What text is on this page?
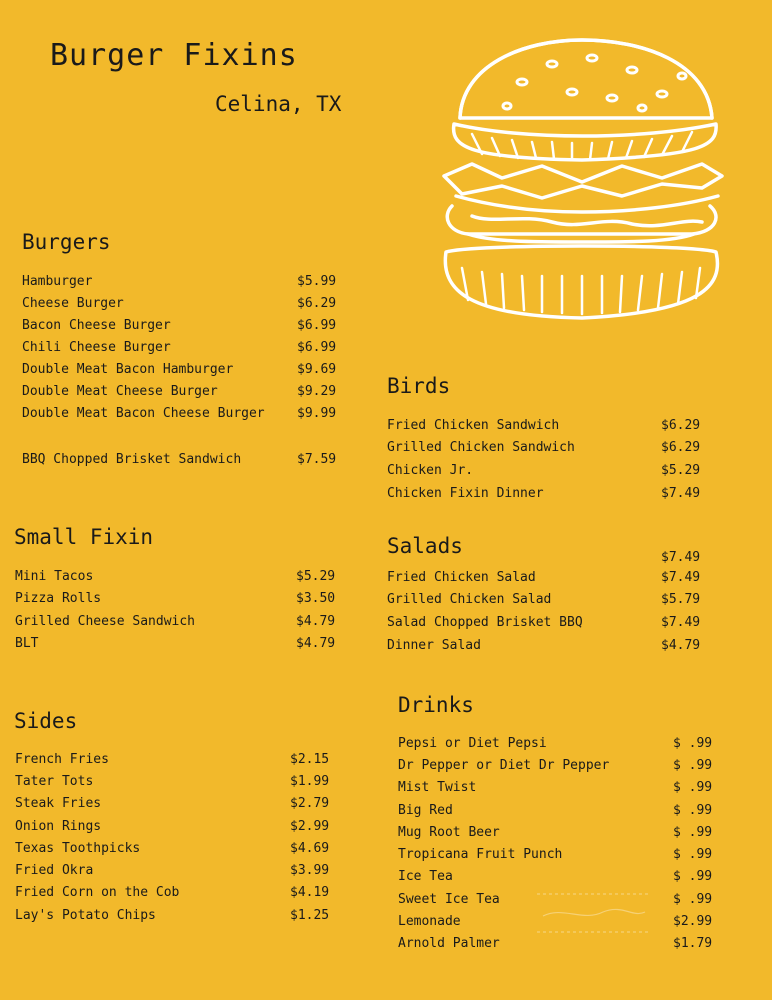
Burger Fixins
Celina, TX
Burgers
Hamburger	$5.99
Cheese Burger	$6.29
Bacon Cheese Burger	$6.99
Chili Cheese Burger	$6.99
Double Meat Bacon Hamburger	$9.69
Double Meat Cheese Burger	$9.29
Double Meat Bacon Cheese Burger $9.99
BBQ Chopped Brisket Sandwich	$7.59
Small Fixin
Mini Tacos	$5.29
Pizza Rolls	$3.50
Grilled Cheese Sandwich	$4.79
BLT	$4.79
Sides
French Fries	$2.15
Tater Tots	$1.99
Steak Fries	$2.79
Onion Rings	$2.99
Texas Toothpicks	$4.69
Fried Okra	$3.99
Fried Corn on the Cob	$4.19
Lay's Potato Chips	$1.25
Birds
Fried Chicken Sandwich	$6.29
Grilled Chicken Sandwich	$6.29
Chicken Jr.	$5.29
Chicken Fixin Dinner	$7.49
Salads	$7.49
Fried Chicken Salad	$7.49
Grilled Chicken Salad	$5.79
Salad Chopped Brisket BBQ	$7.49
Dinner Salad	$4.79
Drinks
Pepsi or Diet Pepsi	$ .99
Dr Pepper or Diet Dr Pepper	$ .99
Mist Twist	$ .99
Big Red	$ .99
Mug Root Beer	$ .99
Tropicana Fruit Punch	$ .99
Ice Tea	$ .99
Sweet Ice Tea	$ .99
Lemonade	$2.99
Arnold Palmer	$1.79
